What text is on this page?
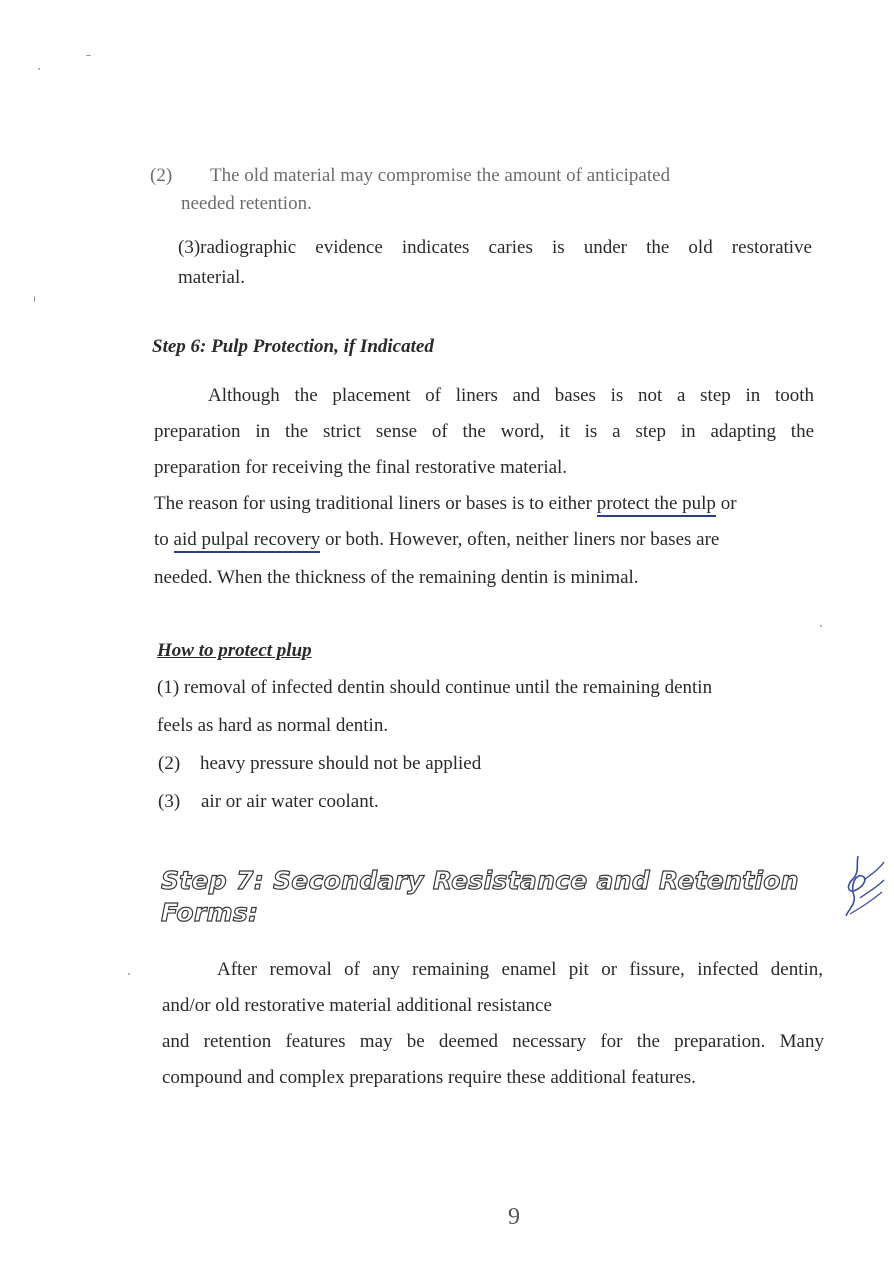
(2) The old material may compromise the amount of anticipated
needed retention.
(3)radiographic evidence indicates caries is under the old restorative
material.
Step 6: Pulp Protection, if Indicated
Although the placement of liners and bases is not a step in tooth
preparation in the strict sense of the word, it is a step in adapting the
preparation for receiving the final restorative material.
The reason for using traditional liners or bases is to either protect the pulp or
to aid pulpal recovery or both. However, often, neither liners nor bases are
needed. When the thickness of the remaining dentin is minimal.
How to protect plup
(1) removal of infected dentin should continue until the remaining dentin
feels as hard as normal dentin.
(2) heavy pressure should not be applied
(3) air or air water coolant.
Step 7: Secondary Resistance and Retention
Forms:
After removal of any remaining enamel pit or fissure, infected dentin,
and/or old restorative material additional resistance
and retention features may be deemed necessary for the preparation. Many
compound and complex preparations require these additional features.
9
